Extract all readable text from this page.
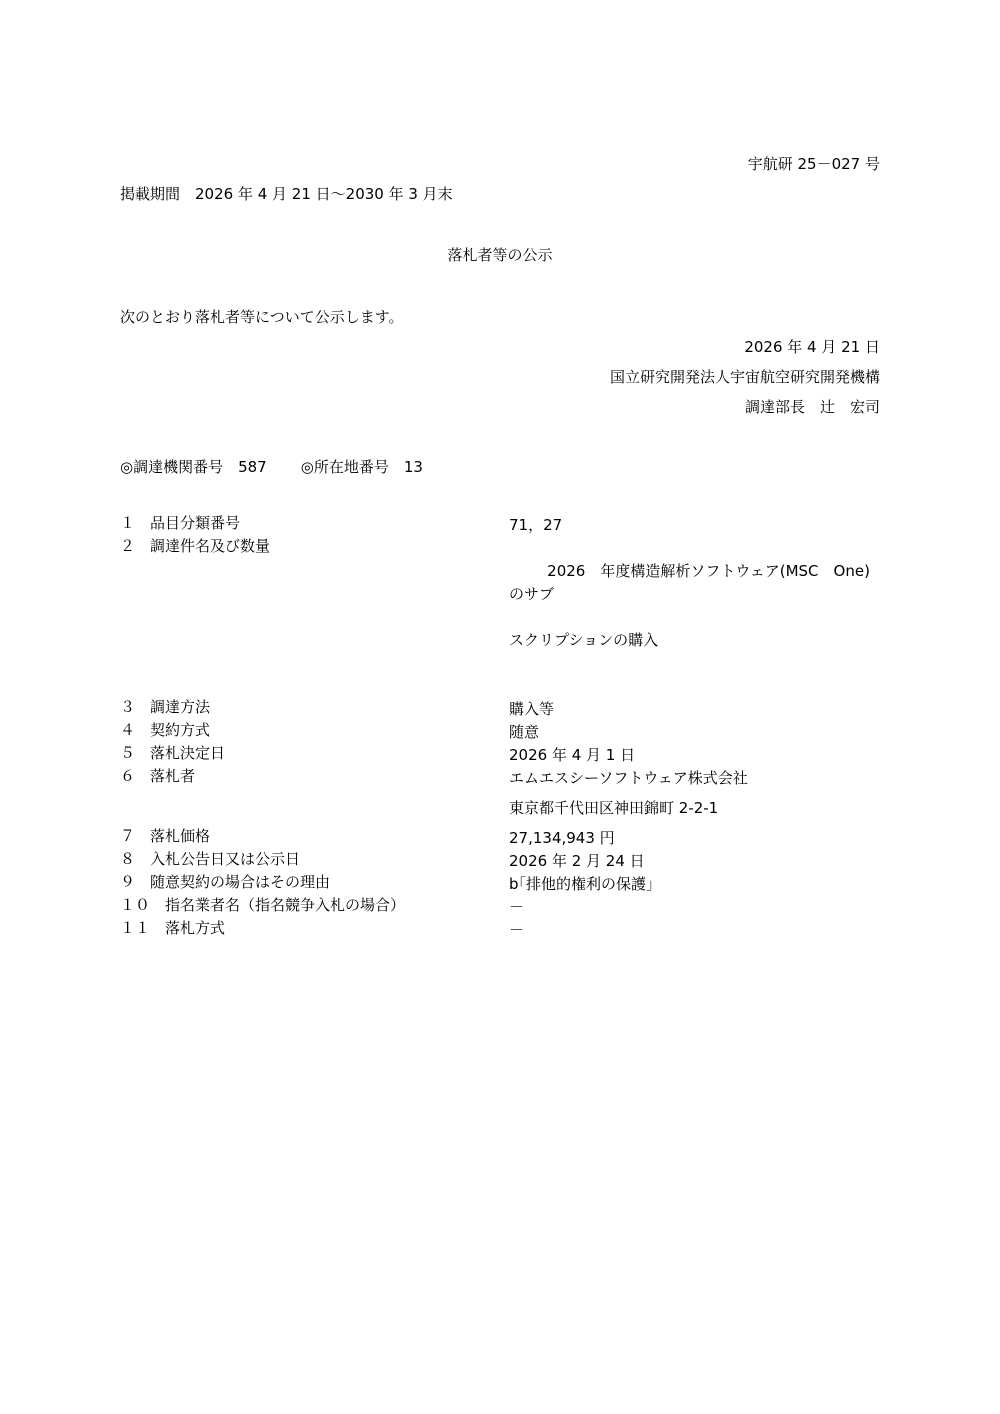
宇航研 25－027 号
掲載期間　2026 年 4 月 21 日～2030 年 3 月末
落札者等の公示
次のとおり落札者等について公示します。
2026 年 4 月 21 日
国立研究開発法人宇宙航空研究開発機構
調達部長　辻　宏司
◎調達機関番号　587 ◎所在地番号　13
１　品目分類番号	71，27
２　調達件名及び数量

2026　年度構造解析ソフトウェア(MSC　One)のサブ

スクリプションの購入

３　調達方法	購入等
４　契約方式	随意
５　落札決定日	2026 年 4 月 1 日
６　落札者

	エムエスシーソフトウェア株式会社

東京都千代田区神田錦町 2-2-1

７　落札価格	27,134,943 円
８　入札公告日又は公示日	2026 年 2 月 24 日
９　随意契約の場合はその理由	b｢排他的権利の保護」
１０　指名業者名（指名競争入札の場合）	－
１１　落札方式	－
